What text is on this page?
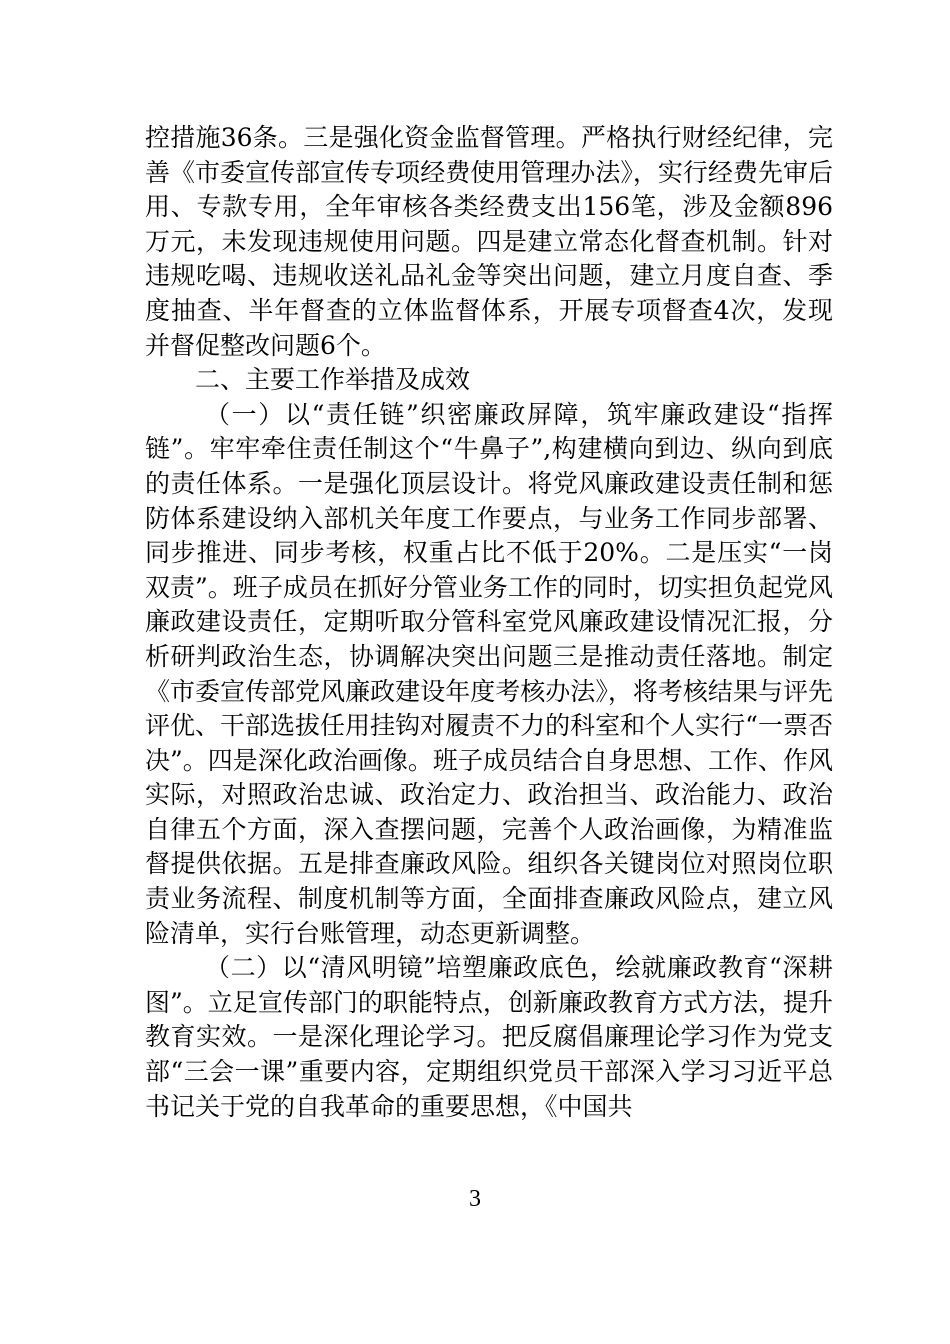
控措施36条。三是强化资金监督管理。严格执行财经纪律，完善《市委宣传部宣传专项经费使用管理办法》，实行经费先审后用、专款专用，全年审核各类经费支出156笔，涉及金额896万元，未发现违规使用问题。四是建立常态化督查机制。针对违规吃喝、违规收送礼品礼金等突出问题，建立月度自查、季度抽查、半年督查的立体监督体系，开展专项督查4次，发现并督促整改问题6个。

二、主要工作举措及成效

（一）以“责任链”织密廉政屏障，筑牢廉政建设“指挥链”。牢牢牵住责任制这个“牛鼻子”,构建横向到边、纵向到底的责任体系。一是强化顶层设计。将党风廉政建设责任制和惩防体系建设纳入部机关年度工作要点，与业务工作同步部署、同步推进、同步考核，权重占比不低于20%。二是压实“一岗双责”。班子成员在抓好分管业务工作的同时，切实担负起党风廉政建设责任，定期听取分管科室党风廉政建设情况汇报，分析研判政治生态，协调解决突出问题三是推动责任落地。制定《市委宣传部党风廉政建设年度考核办法》，将考核结果与评先评优、干部选拔任用挂钩对履责不力的科室和个人实行“一票否决”。四是深化政治画像。班子成员结合自身思想、工作、作风实际，对照政治忠诚、政治定力、政治担当、政治能力、政治自律五个方面，深入查摆问题，完善个人政治画像，为精准监督提供依据。五是排查廉政风险。组织各关键岗位对照岗位职责业务流程、制度机制等方面，全面排查廉政风险点，建立风险清单，实行台账管理，动态更新调整。

（二）以“清风明镜”培塑廉政底色，绘就廉政教育“深耕图”。立足宣传部门的职能特点，创新廉政教育方式方法，提升教育实效。一是深化理论学习。把反腐倡廉理论学习作为党支部“三会一课”重要内容，定期组织党员干部深入学习习近平总书记关于党的自我革命的重要思想，《中国共

3
